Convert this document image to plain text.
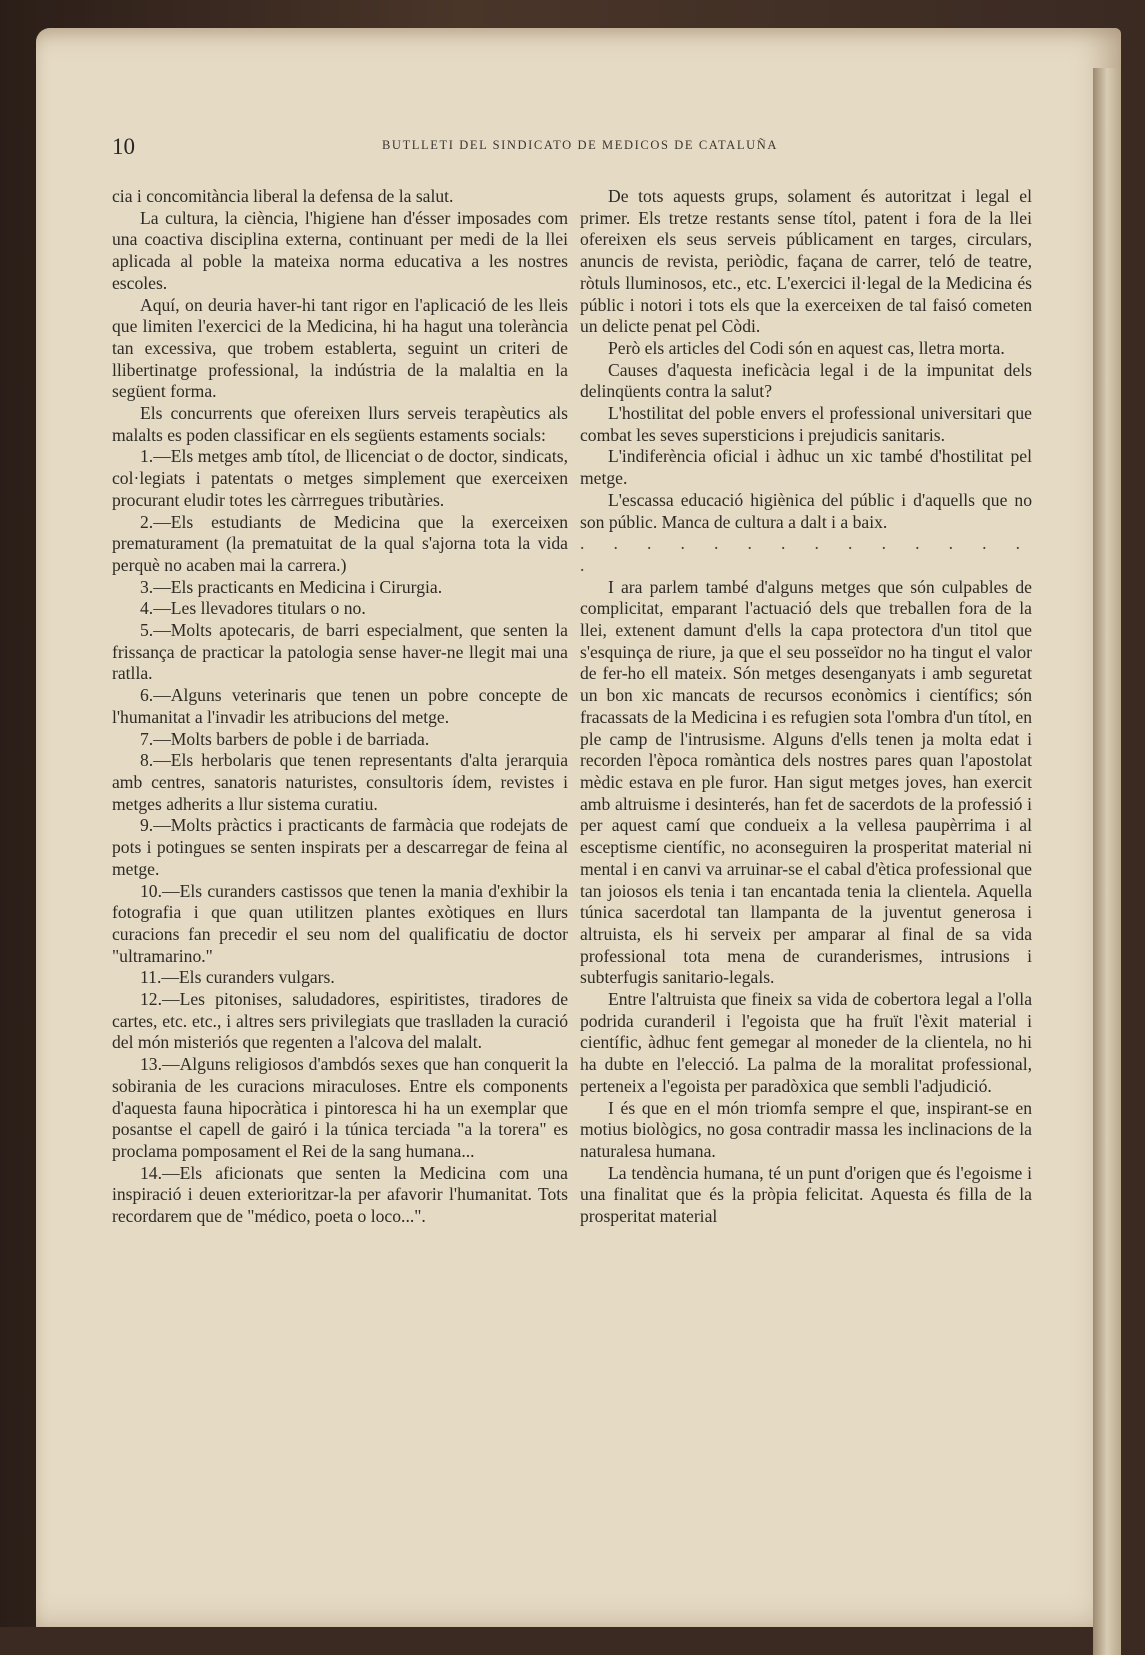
10	BUTLLETI DEL SINDICATO DE MEDICOS DE CATALUÑA

cia i concomitància liberal la defensa de la salut.

La cultura, la ciència, l'higiene han d'ésser imposades com una coactiva disciplina externa, continuant per medi de la llei aplicada al poble la mateixa norma educativa a les nostres escoles.

Aquí, on deuria haver-hi tant rigor en l'aplicació de les lleis que limiten l'exercici de la Medicina, hi ha hagut una tolerància tan excessiva, que trobem establerta, seguint un criteri de llibertinatge professional, la indústria de la malaltia en la següent forma.

Els concurrents que ofereixen llurs serveis terapèutics als malalts es poden classificar en els següents estaments socials:

1.—Els metges amb títol, de llicenciat o de doctor, sindicats, col·legiats i patentats o metges simplement que exerceixen procurant eludir totes les càrrregues tributàries.

2.—Els estudiants de Medicina que la exerceixen prematurament (la prematuitat de la qual s'ajorna tota la vida perquè no acaben mai la carrera.)

3.—Els practicants en Medicina i Cirurgia.

4.—Les llevadores titulars o no.

5.—Molts apotecaris, de barri especialment, que senten la frissança de practicar la patologia sense haver-ne llegit mai una ratlla.

6.—Alguns veterinaris que tenen un pobre concepte de l'humanitat a l'invadir les atribucions del metge.

7.—Molts barbers de poble i de barriada.

8.—Els herbolaris que tenen representants d'alta jerarquia amb centres, sanatoris naturistes, consultoris ídem, revistes i metges adherits a llur sistema curatiu.

9.—Molts pràctics i practicants de farmàcia que rodejats de pots i potingues se senten inspirats per a descarregar de feina al metge.

10.—Els curanders castissos que tenen la mania d'exhibir la fotografia i que quan utilitzen plantes exòtiques en llurs curacions fan precedir el seu nom del qualificatiu de doctor "ultramarino."

11.—Els curanders vulgars.

12.—Les pitonises, saludadores, espiritistes, tiradores de cartes, etc. etc., i altres sers privilegiats que traslladen la curació del món misteriós que regenten a l'alcova del malalt.

13.—Alguns religiosos d'ambdós sexes que han conquerit la sobirania de les curacions miraculoses. Entre els components d'aquesta fauna hipocràtica i pintoresca hi ha un exemplar que posantse el capell de gairó i la túnica terciada "a la torera" es proclama pomposament el Rei de la sang humana...

14.—Els aficionats que senten la Medicina com una inspiració i deuen exterioritzar-la per afavorir l'humanitat. Tots recordarem que de "médico, poeta o loco...".

De tots aquests grups, solament és autoritzat i legal el primer. Els tretze restants sense títol, patent i fora de la llei ofereixen els seus serveis públicament en targes, circulars, anuncis de revista, periòdic, façana de carrer, teló de teatre, ròtuls lluminosos, etc., etc. L'exercici il·legal de la Medicina és públic i notori i tots els que la exerceixen de tal faisó cometen un delicte penat pel Còdi.

Però els articles del Codi són en aquest cas, lletra morta.

Causes d'aquesta ineficàcia legal i de la impunitat dels delinqüents contra la salut?

L'hostilitat del poble envers el professional universitari que combat les seves supersticions i prejudicis sanitaris.

L'indiferència oficial i àdhuc un xic també d'hostilitat pel metge.

L'escassa educació higiènica del públic i d'aquells que no son públic. Manca de cultura a dalt i a baix.

. . . . . . . . . . . . . . .

I ara parlem també d'alguns metges que són culpables de complicitat, emparant l'actuació dels que treballen fora de la llei, extenent damunt d'ells la capa protectora d'un titol que s'esquinça de riure, ja que el seu posseïdor no ha tingut el valor de fer-ho ell mateix. Són metges desenganyats i amb seguretat un bon xic mancats de recursos econòmics i científics; són fracassats de la Medicina i es refugien sota l'ombra d'un títol, en ple camp de l'intrusisme. Alguns d'ells tenen ja molta edat i recorden l'època romàntica dels nostres pares quan l'apostolat mèdic estava en ple furor. Han sigut metges joves, han exercit amb altruisme i desinterés, han fet de sacerdots de la professió i per aquest camí que condueix a la vellesa paupèrrima i al esceptisme científic, no aconseguiren la prosperitat material ni mental i en canvi va arruinar-se el cabal d'ètica professional que tan joiosos els tenia i tan encantada tenia la clientela. Aquella túnica sacerdotal tan llampanta de la juventut generosa i altruista, els hi serveix per amparar al final de sa vida professional tota mena de curanderismes, intrusions i subterfugis sanitario-legals.

Entre l'altruista que fineix sa vida de cobertora legal a l'olla podrida curanderil i l'egoista que ha fruït l'èxit material i científic, àdhuc fent gemegar al moneder de la clientela, no hi ha dubte en l'elecció. La palma de la moralitat professional, perteneix a l'egoista per paradòxica que sembli l'adjudició.

I és que en el món triomfa sempre el que, inspirant-se en motius biològics, no gosa contradir massa les inclinacions de la naturalesa humana.

La tendència humana, té un punt d'origen que és l'egoisme i una finalitat que és la pròpia felicitat. Aquesta és filla de la prosperitat material
